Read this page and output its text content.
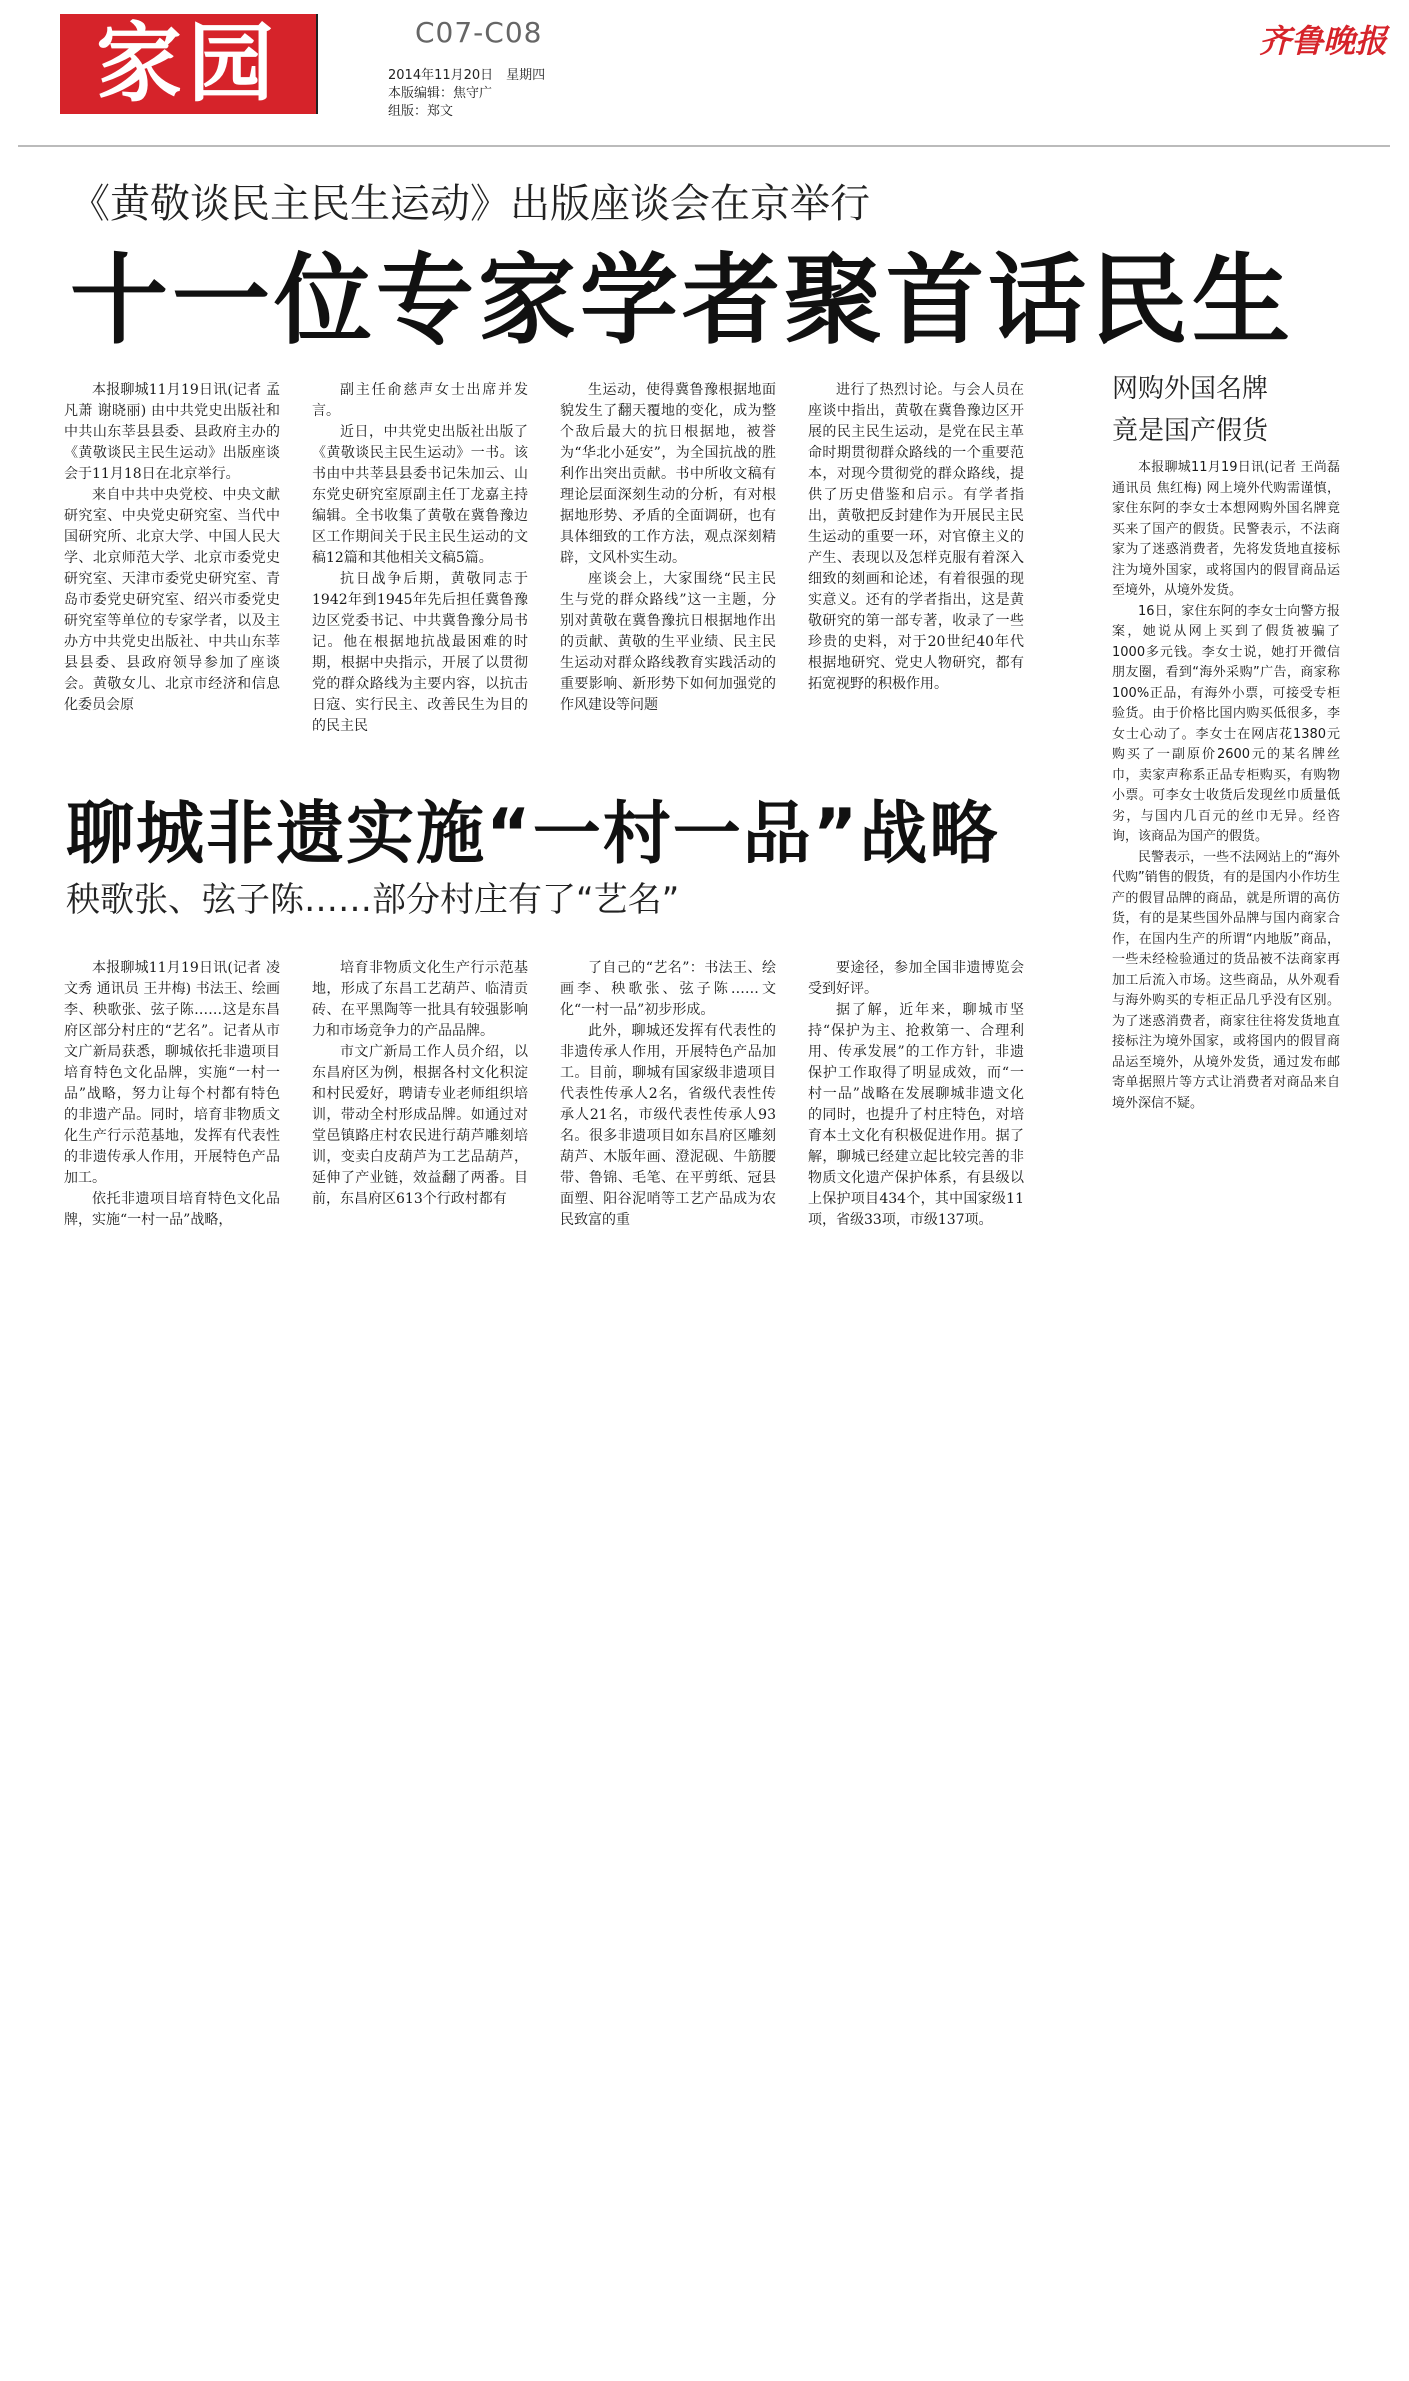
家园	C07-C08
2014年11月20日　星期四
本版编辑：焦守广
组版：郑文
齐鲁晚报
《黄敬谈民主民生运动》出版座谈会在京举行
十一位专家学者聚首话民生

本报聊城11月19日讯(记者 孟凡萧 谢晓丽) 由中共党史出版社和中共山东莘县县委、县政府主办的《黄敬谈民主民生运动》出版座谈会于11月18日在北京举行。

来自中共中央党校、中央文献研究室、中央党史研究室、当代中国研究所、北京大学、中国人民大学、北京师范大学、北京市委党史研究室、天津市委党史研究室、青岛市委党史研究室、绍兴市委党史研究室等单位的专家学者，以及主办方中共党史出版社、中共山东莘县县委、县政府领导参加了座谈会。黄敬女儿、北京市经济和信息化委员会原

副主任俞慈声女士出席并发言。

近日，中共党史出版社出版了《黄敬谈民主民生运动》一书。该书由中共莘县县委书记朱加云、山东党史研究室原副主任丁龙嘉主持编辑。全书收集了黄敬在冀鲁豫边区工作期间关于民主民生运动的文稿12篇和其他相关文稿5篇。

抗日战争后期，黄敬同志于1942年到1945年先后担任冀鲁豫边区党委书记、中共冀鲁豫分局书记。他在根据地抗战最困难的时期，根据中央指示，开展了以贯彻党的群众路线为主要内容，以抗击日寇、实行民主、改善民生为目的的民主民

生运动，使得冀鲁豫根据地面貌发生了翻天覆地的变化，成为整个敌后最大的抗日根据地，被誉为“华北小延安”，为全国抗战的胜利作出突出贡献。书中所收文稿有理论层面深刻生动的分析，有对根据地形势、矛盾的全面调研，也有具体细致的工作方法，观点深刻精辟，文风朴实生动。

座谈会上，大家围绕“民主民生与党的群众路线”这一主题，分别对黄敬在冀鲁豫抗日根据地作出的贡献、黄敬的生平业绩、民主民生运动对群众路线教育实践活动的重要影响、新形势下如何加强党的作风建设等问题

进行了热烈讨论。与会人员在座谈中指出，黄敬在冀鲁豫边区开展的民主民生运动，是党在民主革命时期贯彻群众路线的一个重要范本，对现今贯彻党的群众路线，提供了历史借鉴和启示。有学者指出，黄敬把反封建作为开展民主民生运动的重要一环，对官僚主义的产生、表现以及怎样克服有着深入细致的刻画和论述，有着很强的现实意义。还有的学者指出，这是黄敬研究的第一部专著，收录了一些珍贵的史料，对于20世纪40年代根据地研究、党史人物研究，都有拓宽视野的积极作用。

聊城非遗实施“一村一品”战略
秧歌张、弦子陈……部分村庄有了“艺名”

本报聊城11月19日讯(记者 凌文秀 通讯员 王井梅) 书法王、绘画李、秧歌张、弦子陈……这是东昌府区部分村庄的“艺名”。记者从市文广新局获悉，聊城依托非遗项目培育特色文化品牌，实施“一村一品”战略，努力让每个村都有特色的非遗产品。同时，培育非物质文化生产行示范基地，发挥有代表性的非遗传承人作用，开展特色产品加工。

依托非遗项目培育特色文化品牌，实施“一村一品”战略，

培育非物质文化生产行示范基地，形成了东昌工艺葫芦、临清贡砖、在平黑陶等一批具有较强影响力和市场竞争力的产品品牌。

市文广新局工作人员介绍，以东昌府区为例，根据各村文化积淀和村民爱好，聘请专业老师组织培训，带动全村形成品牌。如通过对堂邑镇路庄村农民进行葫芦雕刻培训，变卖白皮葫芦为工艺品葫芦，延伸了产业链，效益翻了两番。目前，东昌府区613个行政村都有

了自己的“艺名”：书法王、绘画李、秧歌张、弦子陈……文化“一村一品”初步形成。

此外，聊城还发挥有代表性的非遗传承人作用，开展特色产品加工。目前，聊城有国家级非遗项目代表性传承人2名，省级代表性传承人21名，市级代表性传承人93名。很多非遗项目如东昌府区雕刻葫芦、木版年画、澄泥砚、牛筋腰带、鲁锦、毛笔、在平剪纸、冠县面塑、阳谷泥哨等工艺产品成为农民致富的重

要途径，参加全国非遗博览会受到好评。

据了解，近年来，聊城市坚持“保护为主、抢救第一、合理利用、传承发展”的工作方针，非遗保护工作取得了明显成效，而“一村一品”战略在发展聊城非遗文化的同时，也提升了村庄特色，对培育本土文化有积极促进作用。据了解，聊城已经建立起比较完善的非物质文化遗产保护体系，有县级以上保护项目434个，其中国家级11项，省级33项，市级137项。

网购外国名牌
竟是国产假货

本报聊城11月19日讯(记者 王尚磊 通讯员 焦红梅) 网上境外代购需谨慎，家住东阿的李女士本想网购外国名牌竟买来了国产的假货。民警表示，不法商家为了迷惑消费者，先将发货地直接标注为境外国家，或将国内的假冒商品运至境外，从境外发货。

16日，家住东阿的李女士向警方报案，她说从网上买到了假货被骗了1000多元钱。李女士说，她打开微信朋友圈，看到“海外采购”广告，商家称100%正品，有海外小票，可接受专柜验货。由于价格比国内购买低很多，李女士心动了。李女士在网店花1380元购买了一副原价2600元的某名牌丝巾，卖家声称系正品专柜购买，有购物小票。可李女士收货后发现丝巾质量低劣，与国内几百元的丝巾无异。经咨询，该商品为国产的假货。

民警表示，一些不法网站上的“海外代购”销售的假货，有的是国内小作坊生产的假冒品牌的商品，就是所谓的高仿货，有的是某些国外品牌与国内商家合作，在国内生产的所谓“内地版”商品，一些未经检验通过的货品被不法商家再加工后流入市场。这些商品，从外观看与海外购买的专柜正品几乎没有区别。为了迷惑消费者，商家往往将发货地直接标注为境外国家，或将国内的假冒商品运至境外，从境外发货，通过发布邮寄单据照片等方式让消费者对商品来自境外深信不疑。
